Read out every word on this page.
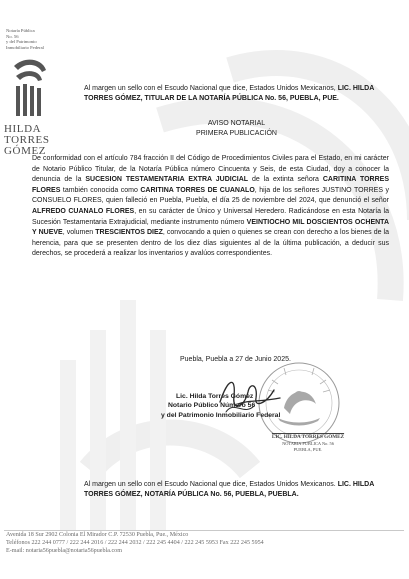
Notaría Pública
No. 56
y del Patrimonio
Inmobiliario Federal
HILDA
TORRES
GÓMEZ
Al margen un sello con el Escudo Nacional que dice, Estados Unidos Mexicanos, LIC. HILDA TORRES GÓMEZ, TITULAR DE LA NOTARÍA PÚBLICA No. 56, PUEBLA, PUE.
AVISO NOTARIAL
PRIMERA PUBLICACIÓN
De conformidad con el artículo 784 fracción II del Código de Procedimientos Civiles para el Estado, en mi carácter de Notario Público Titular, de la Notaría Pública número Cincuenta y Seis, de esta Ciudad, doy a conocer la denuncia de la SUCESION TESTAMENTARIA EXTRA JUDICIAL de la extinta señora CARITINA TORRES FLORES también conocida como CARITINA TORRES DE CUANALO, hija de los señores JUSTINO TORRES y CONSUELO FLORES, quien falleció en Puebla, Puebla, el día 25 de noviembre del 2024, que denunció el señor ALFREDO CUANALO FLORES, en su carácter de Único y Universal Heredero. Radicándose en esta Notaría la Sucesión Testamentaria Extrajudicial, mediante instrumento número VEINTIOCHO MIL DOSCIENTOS OCHENTA Y NUEVE, volumen TRESCIENTOS DIEZ, convocando a quien o quienes se crean con derecho a los bienes de la herencia, para que se presenten dentro de los diez días siguientes al de la última publicación, a deducir sus derechos, se procederá a realizar los inventarios y avalúos correspondientes.
Puebla, Puebla a 27 de Junio 2025.
Lic. Hilda Torres Gómez
Notario Público Número 56
y del Patrimonio Inmobiliario Federal
LIC. HILDA TORRES GÓMEZ
NOTARIA PUBLICA No. 56
PUEBLA, PUE.
Al margen un sello con el Escudo Nacional que dice, Estados Unidos Mexicanos. LIC. HILDA TORRES GÓMEZ, NOTARÍA PÚBLICA No. 56, PUEBLA, PUEBLA.
Avenida 18 Sur 2902 Colonia El Mirador C.P. 72530 Puebla, Pue., México
Teléfonos 222 244 0777 / 222 244 2016 / 222 244 2032 / 222 245 4404 / 222 245 5953 Fax 222 245 5954
E-mail: notaria56puebla@notaria56puebla.com
